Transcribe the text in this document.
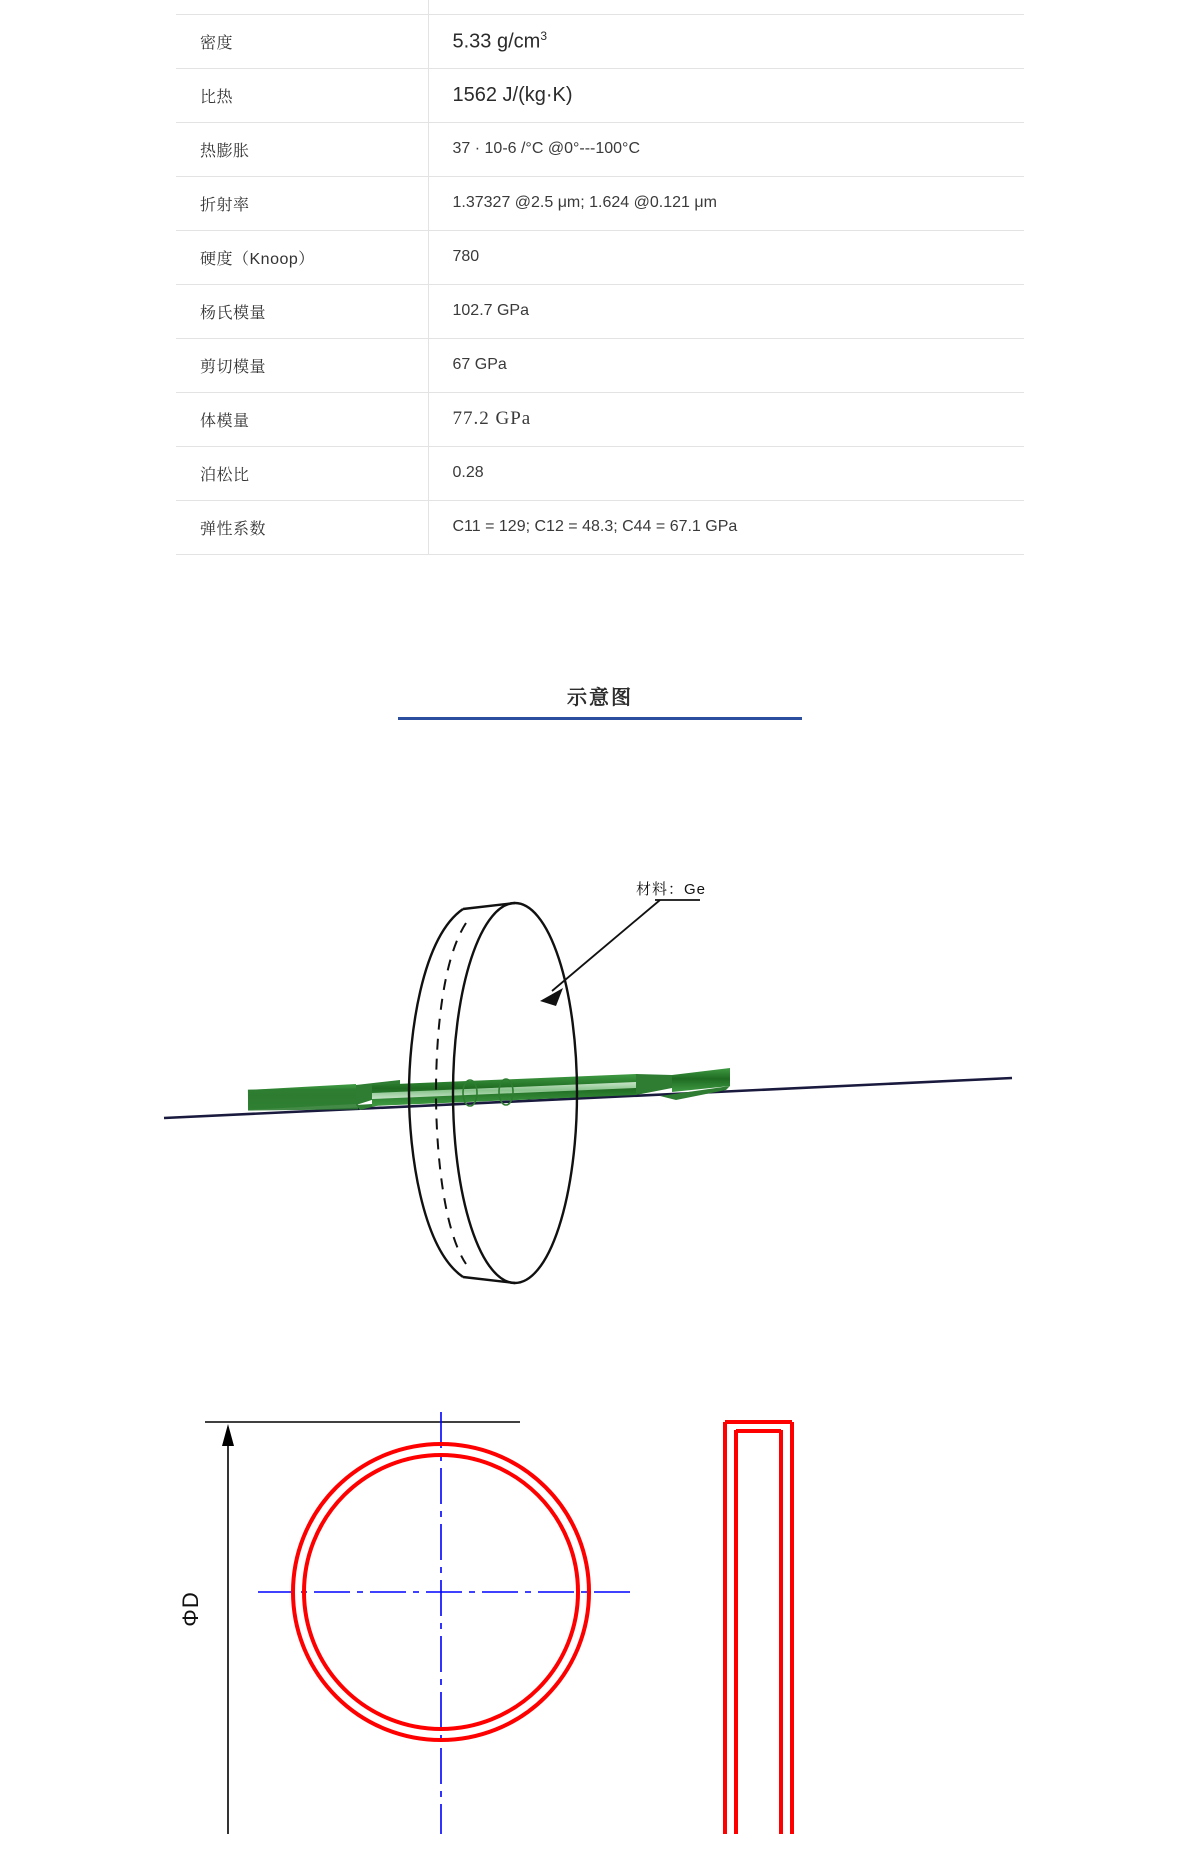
密度	5.33 $g/cm^3$
比热	1562 J/(kg·K)
热膨胀	37 · 10-6 /°C @0°---100°C
折射率	1.37327 @2.5 μm; 1.624 @0.121 μm
硬度（Knoop）	780
杨氏模量	102.7 GPa
剪切模量	67 GPa
体模量	77.2 GPa
泊松比	0.28
弹性系数	C11 = 129; C12 = 48.3; C44 = 67.1 GPa
示意图
材料：Ge
ΦD
